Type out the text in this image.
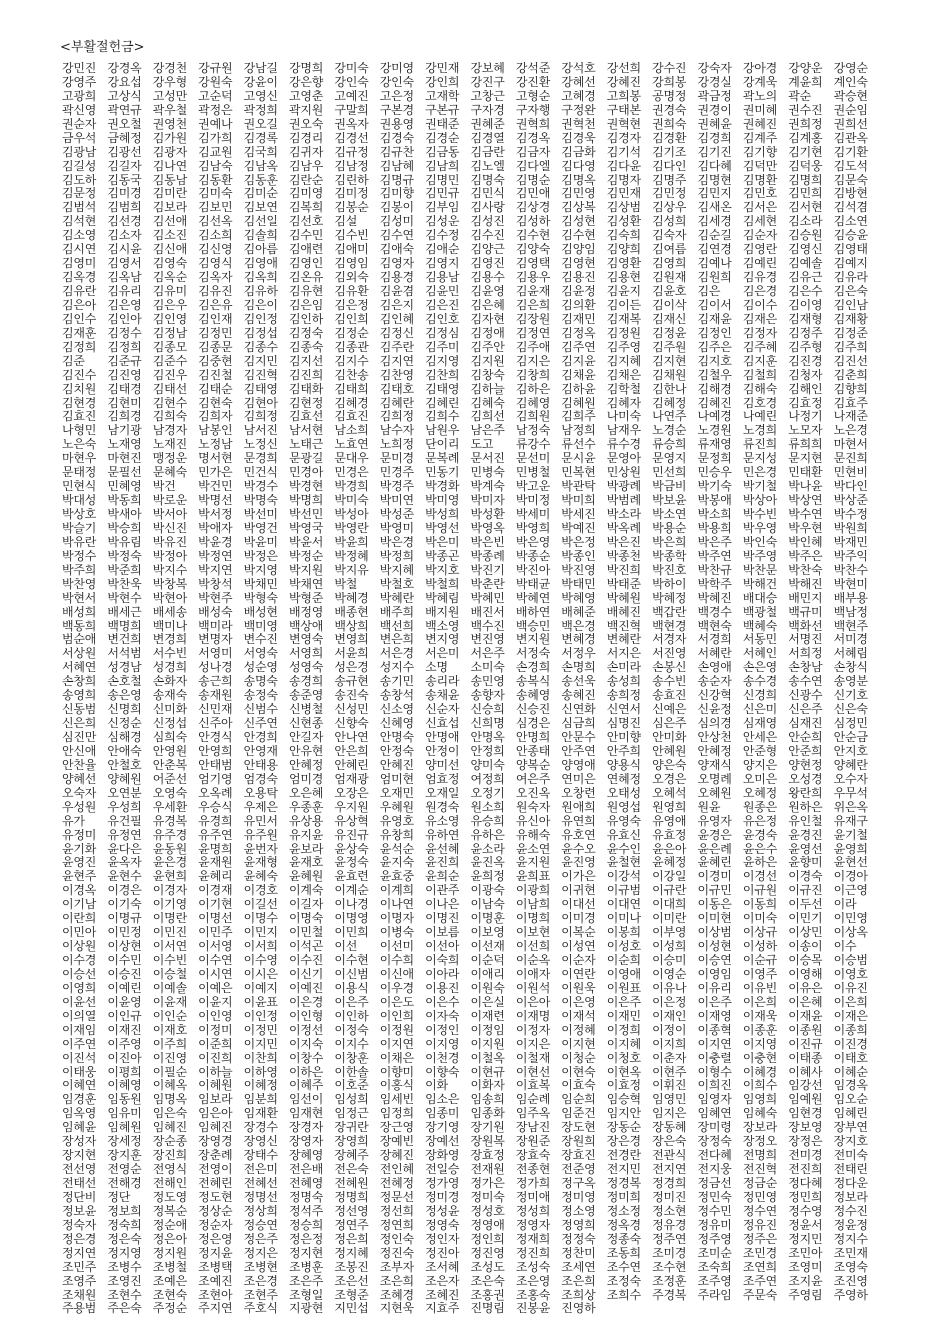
<부활절헌금>
강민진 강경옥 강경천 강규원 강남길 강명희 강미숙 강미영 강민재 강보혜 강석준 강석호 강선희 강수진 강숙자 강아경 강양운 강영순
강영주 강요섭 강우형 강원숙 강윤이 강은향 강인숙 강인숙 강인희 강진구 강진환 강혜선 강혜진 강희봉 강경실 강계욱 계윤희 계인숙
고광희 고상식 고성만 고순덕 고영신 고영춘 고예진 고은정 고재학 고창근 고형순 고혜경 고희봉 공명정 곽금정 곽노의 곽순	곽승현
곽신영 곽연규 곽우철 곽정은 곽정희 곽지원 구말희 구본경 구본규 구자경 구자행 구정완 구태본 권경숙 권경이 권미혜 권수진 권순임
권순자 권오철 권영천 권예나 권오길 권오숙 권옥자 권용영 권태준 권혜준 권혁희 권혁천 권혁현 권희숙 권혜윤 권혜진 권희정 권희선
금우석 금혜정 김가원 김가희 김경록 김경리 김경선 김경숙 김경순 김경열 김경옥 김경욱 김경자 김경환 김경희 김계주 김계홍 김관옥
김광남 김광선 김광자 김교원 김국희 김귀자 김규정 김규찬 김금동 김금란 김금자 김금화 김기석 김기조 김기진 김기향 김기현 김기환
김길성 김길자 김나연 김남숙 김남옥 김남우 김남정 김남혜 김남희 김노엘 김다엘 김다영 김다윤 김다인 김다혜 김덕만 김덕웅 김도석
김도하 김동국 김동남 김동환 김동훈 김란순 김린하 김명규 김명민 김명숙 김명순 김명옥 김명자 김명주 김명현 김명환 김명희 김문숙
김문정 김미경 김미란 김미숙 김미순 김미영 김미정 김미향 김민규 김민식 김민애 김민영 김민재 김민정 김민지 김민호 김민희 김방현
김범석 김범희 김보라 김보민 김보연 김복희 김봉순 김봉이 김부임 김사랑 김상경 김상복 김상범 김상우 김새온 김서은 김서현 김석겸
김석현 김선경 김선애 김선옥 김선일 김선호 김설	김성미 김성운 김성진 김성하 김성현 김성환 김성희 김세경 김세현 김소라 김소연
김소영 김소자 김소진 김소희 김솔희 김수민 김수빈 김수연 김수정 김수진 김수현 김수현 김숙희 김숙자 김순길 김순자 김승원 김승윤
김시연 김시윤 김신애 김신영 김아름 김애련 김애미 김애숙 김애순 김양근 김양숙 김양임 김양희 김여름 김연경 김영란 김영신 김영태
김영미 김영서 김영숙 김영식 김영애 김영인 김영임 김영자 김영지 김영진 김영택 김영현 김영환 김영희 김예나 김예린 김예솔 김예지
김옥경 김옥남 김옥순 김옥자 김옥희 김온유 김외숙 김용경 김용남 김용수 김용우 김용진 김용현 김원재 김원희 김유경 김유근 김유라
김유란 김유리 김유미 김유진 김유하 김유현 김유환 김윤겸 김윤민 김윤영 김윤재 김윤정 김윤지 김윤호 김은	김은경 김은수 김은숙
김은아 김은영 김은우 김은유 김은이 김은임 김은정 김은지 김은진 김은혜 김은희 김의환 김이든 김이삭 김이서 김이수 김이영 김인남
김인수 김인아 김인영 김인재 김인정 김인하 김인희 김인혜 김인호 김자현 김장원 김재민 김재복 김재신 김재윤 김재은 김재형 김재황
김재훈 김정수 김정남 김정민 김정섭 김정숙 김정순 김정신 김정심 김정애 김정연 김정옥 김정원 김정윤 김정인 김정자 김정주 김정준
김정희 김정희 김종모 김종문 김종수 김종숙 김종관 김주란 김주미 김주안 김주애 김주연 김주영 김주원 김주은 김주혜 김주형 김주희
김준	김준규 김준수 김중현 김지민 김지선 김지수 김지연 김지영 김지원 김지은 김지윤 김지혜 김지현 김지호 김지훈 김진경 김진선
김진수 김진영 김진우 김진철 김진혁 김진희 김찬송 김찬영 김찬희 김창숙 김창희 김채윤 김채은 김채원 김철우 김철희 김청자 김춘희
김치원 김태경 김태선 김태순 김태영 김태화 김태희 김태호 김태영 김하늘 김하은 김하윤 김학철 김한나 김해경 김해숙 김해인 김향희
김현경 김현미 김현수 김현숙 김현아 김현정 김혜경 김혜란 김혜린 김혜숙 김혜영 김혜원 김혜자 김혜정 김혜진 김호경 김효정 김효주
김효진 김희경 김희숙 김희자 김희정 김효선 김효진 김희정 김희수 김희선 김희원 김희주 나미숙 나연주 나예경 나예린 나정기 나재준
나형민 남기광 남경자 남봉인 남서진 남서현 남소희 남수자 남원우 남은주 남정숙 남정희 남재우 노경순 노경원 노경희 노모자 노은경
노은숙 노재영 노재진 노정남 노정신 노태근 노효연 노희정 단이리 도고	류강수 류선수 류수경 류승희 류재영 류진희 류희희 마현서
마현우 마현진 맹정운 명서현 문경희 문광길 문대우 문미경 문복례 문서진 문선미 문시윤 문영아 문영지 문정희 문지성 문지현 문진희
문태정 문필선 문혜숙 민가은 민건식 민경아 민경은 민경주 민동기 민병숙 민병철 민복현 민상원 민선희 민승우 민은경 민태환 민현비
민현식 민혜영 박건	박건민 박경수 박경현 박경희 박경주 박경화 박계숙 박고운 박관탁 박광례 박금비 박기숙 박기철 박나윤 박다인
박대성 박동희 박로운 박명선 박명숙 박명희 박미숙 박미연 박미영 박미자 박미정 박미희 박범례 박보윤 박봉애 박상아 박상연 박상준
박상호 박새아 박서아 박서정 박선미 박선민 박성아 박성준 박성희 박성환 박세미 박세진 박소라 박소연 박소희 박수빈 박수연 박수정
박슬기 박승희 박신진 박애자 박영건 박영국 박영란 박영미 박영선 박영옥 박영희 박예진 박옥례 박용순 박용희 박우영 박우현 박원희
박유란 박유림 박유진 박윤경 박윤미 박윤서 박윤희 박은경 박은미 박은빈 박은영 박은정 박은진 박은희 박은주 박인숙 박인혜 박재민
박정수 박정숙 박정아 박정연 박정은 박정순 박정혜 박정희 박종곤 박종례 박종순 박종인 박종천 박종학 박주연 박주영 박주은 박주익
박주희 박준희 박지수 박지연 박지영 박지원 박지유 박지혜 박지호 박진기 박진아 박진영 박진희 박진호 박찬규 박찬문 박찬숙 박찬수
박찬영 박찬욱 박창복 박창석 박채민 박채연 박철	박철호 박철희 박춘란 박태균 박태민 박태준 박하이 박학주 박해건 박해진 박현미
박현서 박현수 박현아 박현주 박형숙 박형준 박혜경 박혜란 박혜림 박혜민 박혜연 박혜영 박혜원 박혜정 박혜진 배대승 배민지 배부용
배성희 배세근 배세송 배성숙 배성현 배정영 배종현 배주희 배지원 배진서 배하연 배혜준 배혜진 백갑란 백경수 백광철 백규미 백남정
백동희 백명희 백미나 백미라 백미영 백상애 백상희 백선희 백소영 백수진 백승민 백은경 백진혁 백현경 백현숙 백혜숙 백화선 백현주
범순애 변건희 변경희 변명자 변수진 변영숙 변영희 변은희 변지영 변진영 변지원 변혜경 변혜란 서경자 서경희 서동민 서명진 서미경
서상원 서석범 서수빈 서영미 서영숙 서영희 서윤희 서은경 서은미 서은주 서정숙 서정우 서지은 서진영 서혜란 서혜인 서희정 서혜림
서혜연 성경남 성경희 성나경 성순영 성영숙 성은경 성지수 소명	소미숙 손경희 손명희 손미라 손봉신 손영애 손은영 손창남 손창식
손창희 손호철 손화자 송근희 송명숙 송경희 송규현 송기민 송리라 송민영 송복식 송선욱 송성희 송수빈 송순자 송수경 송수연 송영분
송영희 송은영 송재숙 송재원 송정숙 송준영 송진숙 송창석 송채윤 송향자 송혜영 송혜진 송희정 송효진 신강혁 신경희 신광수 신기호
신동범 신명희 신미화 신민재 신범수 신병철 신성민 신소영 신순자 신승희 신승진 신연화 신연서 신예은 신윤정 신은미 신은주 신은숙
신은희 신정순 신정섭 신주아 신주연 신현종 신향숙 신혜영 신효섭 신희명 심경은 심금희 심명진 심은주 심의경 심재영 심재진 심정민
심진만 심해경 심희숙 안경식 안경희 안길자 안나연 안명숙 안명애 안명옥 안명희 안문수 안미향 안미화 안상천 안세은 안순희 안순금
안신애 안애숙 안영원 안영희 안영재 안유현 안은희 안정숙 안정이 안정희 안종태 안주연 안주희 안혜원 안혜정 안준형 안준희 안지호
안찬율 안철호 안춘복 안태범 안태용 안혜정 안혜린 안혜진 양미선 양미숙 양복순 양영애 양용식 양은숙 양재식 양지은 양현정 양혜란
양혜선 양혜원 어준선 엄기영 엄경숙 엄미경 엄재광 엄미현 엄효정 여정희 여은주 연미은 연혜정 오경은 오명례 오미은 오성경 오수자
오숙자 오연분 오영숙 오옥례 오용탁 오은혜 오장은 오재민 오재일 오정기 오진옥 오창련 오태성 오혜석 오혜원 오혜정 왕란희 우무석
우성원 우성희 우세환 우승식 우제은 우종훈 우지원 우혜원 원경숙 원소희 원숙자 원애희 원영섭 원영희 원윤	원종은 원하은 위은옥
유가	유건필 유경복 유경희 유민서 유상용 유상혁 유영호 유소영 유승희 유신아 유연희 유영숙 유영애 유영자 유은정 유인철 유재구
유정미 유정연 유주경 유주연 유주원 유지윤 유진규 유창희 유하연 유하은 유해숙 유호연 유효신 유효정 윤경은 윤경숙 윤경진 윤기철
윤기화 윤다은 윤동원 윤명희 윤번자 윤보라 윤상숙 윤석순 윤선혜 윤소라 윤소연 윤수오 윤수인 윤은아 윤은례 윤은수 윤영선 윤영희
윤영진 윤옥자 윤은경 윤재원 윤재형 윤재호 윤정숙 윤지숙 윤진희 윤진옥 윤지원 윤진영 윤철현 윤혜정 윤혜린 윤하은 윤향미 윤현선
윤현주 윤현수 윤현희 윤혜리 윤혜숙 윤혜원 윤효련 윤효중 윤희순 윤희정 윤희표 이가은 이강석 이강일 이경미 이경선 이경숙 이경아
이경옥 이경은 이경자 이경재 이경호 이계숙 이계순 이계희 이관주 이광숙 이광희 이귀현 이규범 이규란 이규민 이규원 이규진 이근영
이기남 이기숙 이기영 이기현 이길선 이길자 이나경 이나연 이나은 이남숙 이남희 이대선 이대연 이대희 이동은 이동희 이두선 이라
이란희 이명규 이명란 이명선 이명수 이명숙 이명영 이명자 이명진 이명훈 이명희 이미경 이미나 이미란 이미현 이미숙 이민기 이민영
이민아 이민정 이민진 이민주 이민지 이민철 이민희 이병숙 이보름 이보영 이보현 이복순 이봉희 이부영 이상범 이상규 이상민 이상옥
이상원 이상현 이서연 이서영 이서희 이석곤 이선	이선미 이선아 이선재 이선희 이성연 이성호 이성희 이성현 이성하 이송이 이수
이수경 이수민 이수빈 이수연 이수영 이수진 이수현 이수희 이숙희 이순덕 이순옥 이순자 이순희 이승미 이승연 이순규 이승목 이승범
이승선 이승진 이승철 이시연 이시은 이신기 이신범 이신애 이아라 이애리 이애자 이연란 이영애 이영순 이영임 이영주 이영해 이영호
이영희 이예린 이예솔 이예은 이예지 이예진 이용식 이우경 이용진 이원숙 이원석 이원욱 이원표 이유나 이유리 이유빈 이유은 이유진
이윤선 이윤영 이윤재 이윤지 이윤표 이은경 이은주 이은도 이은수 이은실 이은아 이은영 이은주 이은정 이은주 이은희 이은혜 이은희
이의열 이인규 이인순 이인영 이인정 이인형 이인하 이인희 이자숙 이재련 이재명 이재석 이재민 이재인 이재영 이재욱 이재윤 이재은
이재임 이재진 이재호 이정미 이정민 이정선 이정숙 이정원 이정인 이정임 이정자 이정혜 이정희 이정이 이종혁 이종훈 이종원 이종희
이주연 이주영 이주희 이준희 이지민 이지숙 이지수 이지연 이지영 이지원 이지은 이지현 이지혜 이지희 이지연 이지영 이진규 이진경
이진석 이진아 이진영 이진희 이찬희 이창수 이창훈 이채은 이천경 이철옥 이철재 이청순 이청호 이춘자 이충렬 이충현 이태종 이태호
이태웅 이평희 이필순 이하늘 이하영 이하은 이한솔 이향미 이향숙 이현규 이현선 이현숙 이현옥 이현주 이형수 이혜경 이혜사 이혜순
이혜연 이혜영 이혜옥 이혜원 이혜정 이혜주 이호준 이홍식 이화	이화자 이효복 이효숙 이효정 이휘진 이희진 이희수 임강선 임경옥
임경훈 임동원 임명옥 임보라 임분희 임선이 임성희 임세빈 임소은 임송희 임순례 임순희 임승혁 임영민 임영자 임영희 임예원 임오순
임옥영 임유미 임은숙 임은아 임재환 임재현 임정근 임정희 임종미 임종화 임주옥 임준건 임지안 임지은 임혜연 임혜숙 임현경 임혜린
임혜윤 임혜원 임혜진 임혜진 장경수 장경자 장귀란 장근영 장기영 장기원 장남진 장도현 장동순 장동혜 장미령 장보라 장보영 장부연
장성자 장세정 장순종 장영경 장영신 장영자 장영희 장예빈 장예선 장원복 장원준 장원희 장은경 장은숙 장정숙 장정오 장정은 장지호
장지현 장지훈 장진희 장춘례 장태수 장혜영 장혜주 장혜진 장화영 장효정 장효숙 장효진 전경란 전관식 전다혜 전명희 전미경 전미숙
전선영 전영순 전영식 전영이 전은미 전은배 전은숙 전인혜 전일승 전재원 전종현 전준영 전지민 전지연 전지웅 전진혁 전진희 전태린
전태선 전해경 전해인 전혜린 전혜선 전혜영 전혜원 전혜정 정가영 정가은 정가희 정구옥 정경복 정경희 정금선 정금순 정다혜 정다운
정단비 정단	정도영 정도현 정명선 정명숙 정명희 정문선 정미경 정미숙 정미애 정미영 정미희 정미진 정민숙 정민영 정민희 정보라
정보윤 정보희 정복순 정상순 정상희 정석주 정선영 정선희 정성윤 정성호 정성희 정소영 정소정 정소현 정수민 정수연 정수영 정수진
정숙자 정숙희 정순애 정순자 정승연 정승희 정연주 정연희 정영숙 정영애 정영자 정영희 정옥경 정유경 정유미 정유진 정윤서 정윤정
정은경 정은숙 정은아 정은영 정은주 정은정 정은희 정인숙 정인자 정인희 정재희 정정숙 정종숙 정주연 정주영 정주은 정지민 정지수
정지연 정지영 정지원 정지윤 정지은 정지현 정지혜 정진숙 정진아 정진영 정진희 정찬미 조동희 조미경 조미순 조민경 조민아 조민재
조민주 조병수 조병철 조병택 조병현 조병훈 조봉진 조부자 조서혜 조성도 조성숙 조세연 조수연 조수현 조숙희 조연희 조영미 조영숙
조영주 조영진 조예은 조예진 조은경 조은주 조은선 조은희 조은자 조은숙 조은영 조은희 조정숙 조정훈 조주영 조주연 조지윤 조진영
조채원 조현수 조현숙 조현아 조현주 조형일 조형준 조혜경 조혜진 조홍권 조홍숙 조희상 조희수 주경복 주라임 주문숙 주영림 주영하
주용범 주은숙 주정순 주지연 주호식 지광현 지민섭 지현욱 지효주 진명림 진봉윤 진영하
